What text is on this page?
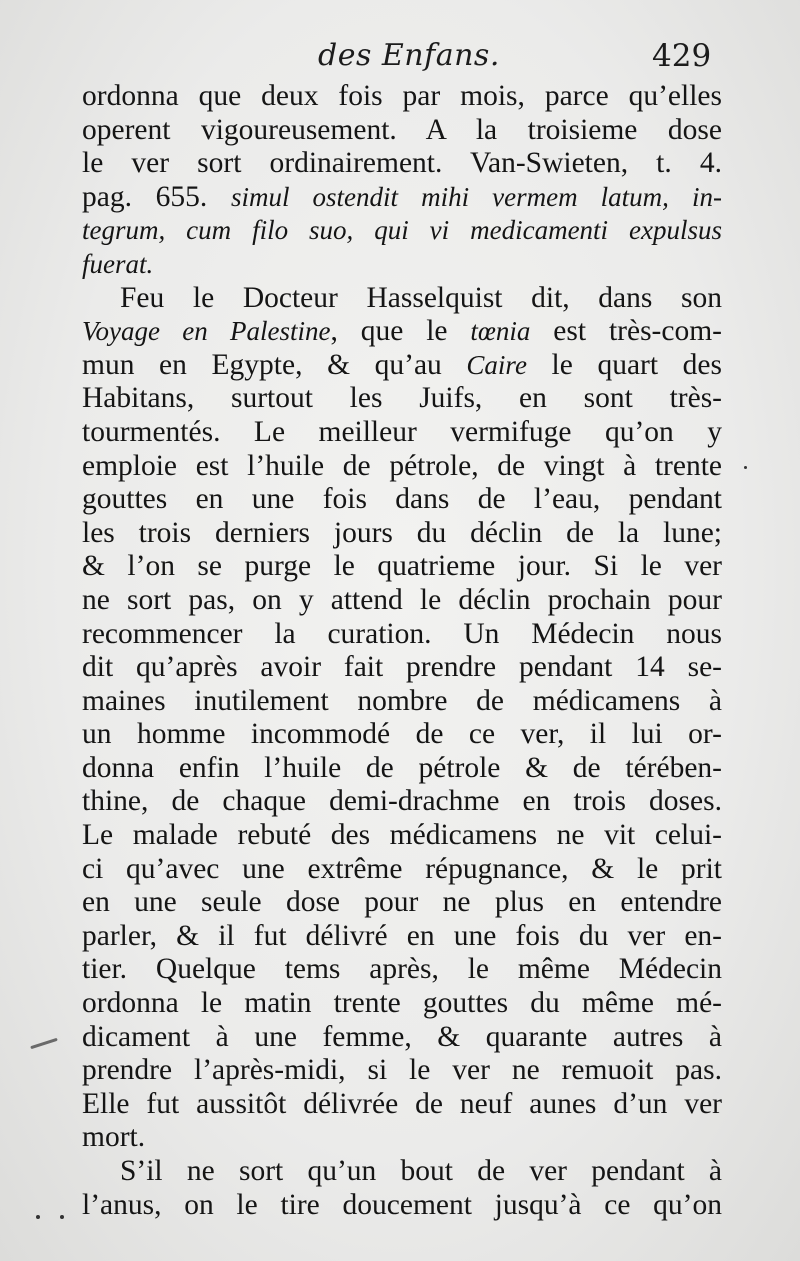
des Enfans.	429
ordonna que deux fois par mois, parce qu’elles
operent vigoureusement. A la troisieme dose
le ver sort ordinairement. Van-Swieten, t. 4.
pag. 655. simul ostendit mihi vermem latum, in-
tegrum, cum filo suo, qui vi medicamenti expulsus
fuerat.
Feu le Docteur Hasselquist dit, dans son
Voyage en Palestine, que le tœnia est très-com-
mun en Egypte, & qu’au Caire le quart des
Habitans, surtout les Juifs, en sont très-
tourmentés. Le meilleur vermifuge qu’on y
emploie est l’huile de pétrole, de vingt à trente
gouttes en une fois dans de l’eau, pendant
les trois derniers jours du déclin de la lune;
& l’on se purge le quatrieme jour. Si le ver
ne sort pas, on y attend le déclin prochain pour
recommencer la curation. Un Médecin nous
dit qu’après avoir fait prendre pendant 14 se-
maines inutilement nombre de médicamens à
un homme incommodé de ce ver, il lui or-
donna enfin l’huile de pétrole & de térében-
thine, de chaque demi-drachme en trois doses.
Le malade rebuté des médicamens ne vit celui-
ci qu’avec une extrême répugnance, & le prit
en une seule dose pour ne plus en entendre
parler, & il fut délivré en une fois du ver en-
tier. Quelque tems après, le même Médecin
ordonna le matin trente gouttes du même mé-
dicament à une femme, & quarante autres à
prendre l’après-midi, si le ver ne remuoit pas.
Elle fut aussitôt délivrée de neuf aunes d’un ver
mort.
S’il ne sort qu’un bout de ver pendant à
l’anus, on le tire doucement jusqu’à ce qu’on
